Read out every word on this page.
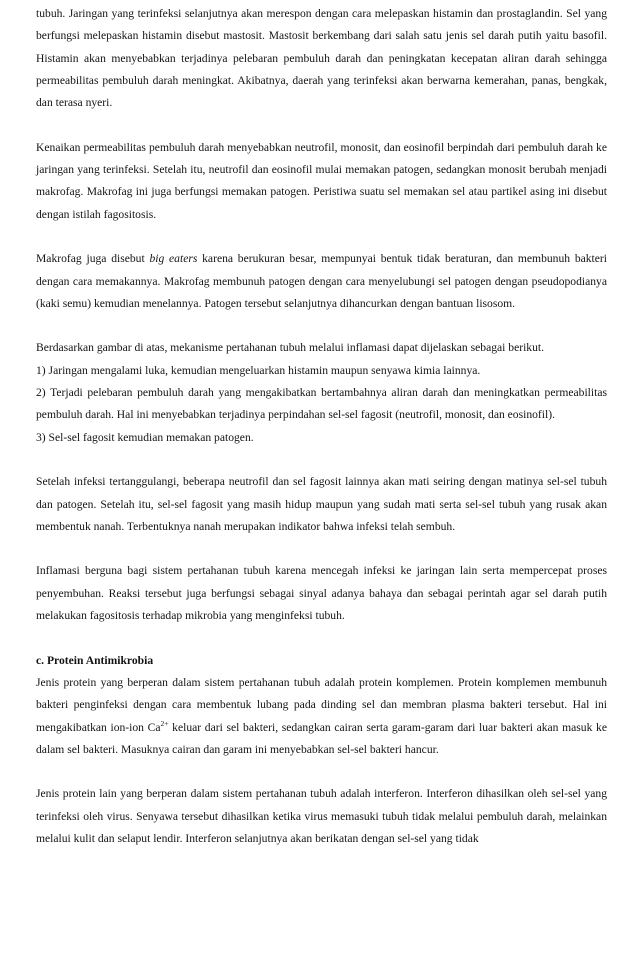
tubuh. Jaringan yang terinfeksi selanjutnya akan merespon dengan cara melepaskan histamin dan prostaglandin. Sel yang berfungsi melepaskan histamin disebut mastosit. Mastosit berkembang dari salah satu jenis sel darah putih yaitu basofil. Histamin akan menyebabkan terjadinya pelebaran pembuluh darah dan peningkatan kecepatan aliran darah sehingga permeabilitas pembuluh darah meningkat. Akibatnya, daerah yang terinfeksi akan berwarna kemerahan, panas, bengkak, dan terasa nyeri.

Kenaikan permeabilitas pembuluh darah menyebabkan neutrofil, monosit, dan eosinofil berpindah dari pembuluh darah ke jaringan yang terinfeksi. Setelah itu, neutrofil dan eosinofil mulai memakan patogen, sedangkan monosit berubah menjadi makrofag. Makrofag ini juga berfungsi memakan patogen. Peristiwa suatu sel memakan sel atau partikel asing ini disebut dengan istilah fagositosis.

Makrofag juga disebut big eaters karena berukuran besar, mempunyai bentuk tidak beraturan, dan membunuh bakteri dengan cara memakannya. Makrofag membunuh patogen dengan cara menyelubungi sel patogen dengan pseudopodianya (kaki semu) kemudian menelannya. Patogen tersebut selanjutnya dihancurkan dengan bantuan lisosom.

Berdasarkan gambar di atas, mekanisme pertahanan tubuh melalui inflamasi dapat dijelaskan sebagai berikut.

1) Jaringan mengalami luka, kemudian mengeluarkan histamin maupun senyawa kimia lainnya.

2) Terjadi pelebaran pembuluh darah yang mengakibatkan bertambahnya aliran darah dan meningkatkan permeabilitas pembuluh darah. Hal ini menyebabkan terjadinya perpindahan sel-sel fagosit (neutrofil, monosit, dan eosinofil).

3) Sel-sel fagosit kemudian memakan patogen.

Setelah infeksi tertanggulangi, beberapa neutrofil dan sel fagosit lainnya akan mati seiring dengan matinya sel-sel tubuh dan patogen. Setelah itu, sel-sel fagosit yang masih hidup maupun yang sudah mati serta sel-sel tubuh yang rusak akan membentuk nanah. Terbentuknya nanah merupakan indikator bahwa infeksi telah sembuh.

Inflamasi berguna bagi sistem pertahanan tubuh karena mencegah infeksi ke jaringan lain serta mempercepat proses penyembuhan. Reaksi tersebut juga berfungsi sebagai sinyal adanya bahaya dan sebagai perintah agar sel darah putih melakukan fagositosis terhadap mikrobia yang menginfeksi tubuh.

c. Protein Antimikrobia

Jenis protein yang berperan dalam sistem pertahanan tubuh adalah protein komplemen. Protein komplemen membunuh bakteri penginfeksi dengan cara membentuk lubang pada dinding sel dan membran plasma bakteri tersebut. Hal ini mengakibatkan ion-ion $Ca^{2+}$ keluar dari sel bakteri, sedangkan cairan serta garam-garam dari luar bakteri akan masuk ke dalam sel bakteri. Masuknya cairan dan garam ini menyebabkan sel-sel bakteri hancur.

Jenis protein lain yang berperan dalam sistem pertahanan tubuh adalah interferon. Interferon dihasilkan oleh sel-sel yang terinfeksi oleh virus. Senyawa tersebut dihasilkan ketika virus memasuki tubuh tidak melalui pembuluh darah, melainkan melalui kulit dan selaput lendir. Interferon selanjutnya akan berikatan dengan sel-sel yang tidak
